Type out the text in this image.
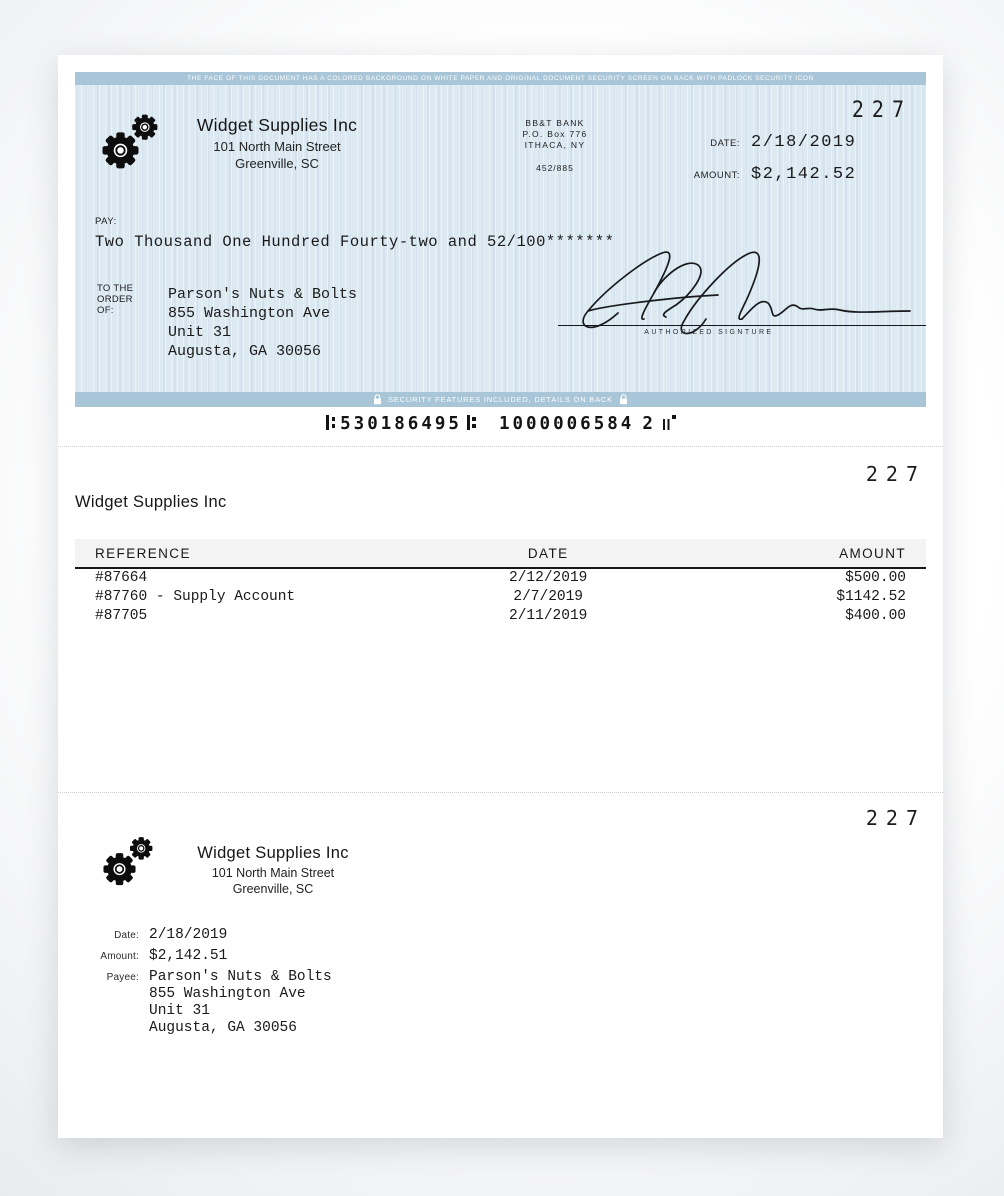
THE FACE OF THIS DOCUMENT HAS A COLORED BACKGROUND ON WHITE PAPER AND ORIGINAL DOCUMENT SECURITY SCREEN ON BACK WITH PADLOCK SECURITY ICON
227
Widget Supplies Inc
101 North Main Street
Greenville, SC
BB&T BANK
P.O. Box 776
ITHACA, NY
452/885
DATE: 2/18/2019
AMOUNT: $2,142.52
PAY:
Two Thousand One Hundred Fourty-two and 52/100*******
TO THE
ORDER
OF:
Parson's Nuts & Bolts
855 Washington Ave
Unit 31
Augusta, GA 30056
AUTHORIZED SIGNTURE
SECURITY FEATURES INCLUDED, DETAILS ON BACK
530186495 1000006584 2
227
Widget Supplies Inc
REFERENCE	DATE	AMOUNT
#87664	2/12/2019	$500.00
#87760 - Supply Account	2/7/2019	$1142.52
#87705	2/11/2019	$400.00
227
Widget Supplies Inc
101 North Main Street
Greenville, SC
Date: 2/18/2019
Amount: $2,142.51
Payee: Parson's Nuts & Bolts
855 Washington Ave
Unit 31
Augusta, GA 30056
